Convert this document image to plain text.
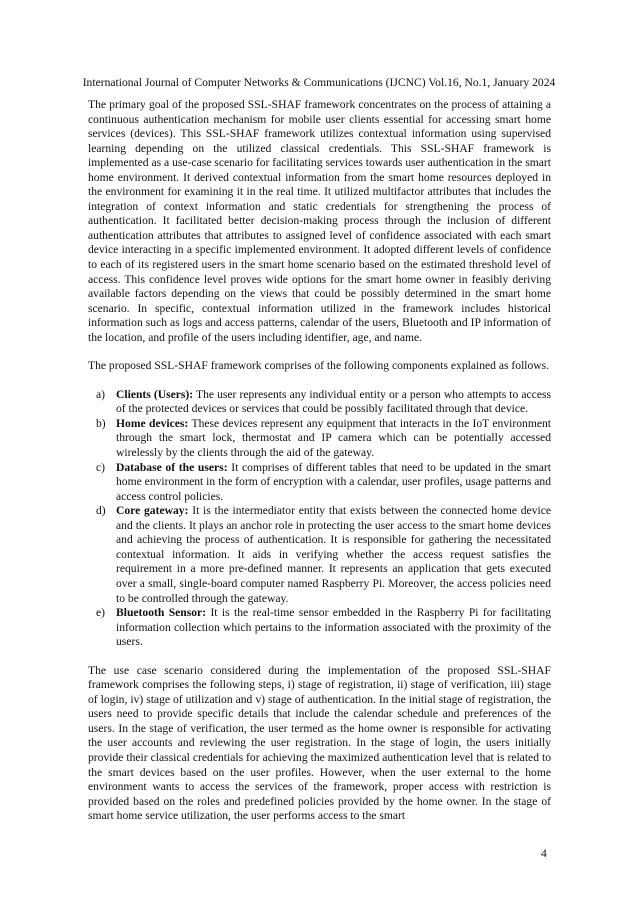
International Journal of Computer Networks & Communications (IJCNC) Vol.16, No.1, January 2024

The primary goal of the proposed SSL-SHAF framework concentrates on the process of attaining a continuous authentication mechanism for mobile user clients essential for accessing smart home services (devices). This SSL-SHAF framework utilizes contextual information using supervised learning depending on the utilized classical credentials. This SSL-SHAF framework is implemented as a use-case scenario for facilitating services towards user authentication in the smart home environment. It derived contextual information from the smart home resources deployed in the environment for examining it in the real time. It utilized multifactor attributes that includes the integration of context information and static credentials for strengthening the process of authentication. It facilitated better decision-making process through the inclusion of different authentication attributes that attributes to assigned level of confidence associated with each smart device interacting in a specific implemented environment. It adopted different levels of confidence to each of its registered users in the smart home scenario based on the estimated threshold level of access. This confidence level proves wide options for the smart home owner in feasibly deriving available factors depending on the views that could be possibly determined in the smart home scenario. In specific, contextual information utilized in the framework includes historical information such as logs and access patterns, calendar of the users, Bluetooth and IP information of the location, and profile of the users including identifier, age, and name.

The proposed SSL-SHAF framework comprises of the following components explained as follows.

a) Clients (Users): The user represents any individual entity or a person who attempts to access of the protected devices or services that could be possibly facilitated through that device.
b) Home devices: These devices represent any equipment that interacts in the IoT environment through the smart lock, thermostat and IP camera which can be potentially accessed wirelessly by the clients through the aid of the gateway.
c) Database of the users: It comprises of different tables that need to be updated in the smart home environment in the form of encryption with a calendar, user profiles, usage patterns and access control policies.
d) Core gateway: It is the intermediator entity that exists between the connected home device and the clients. It plays an anchor role in protecting the user access to the smart home devices and achieving the process of authentication. It is responsible for gathering the necessitated contextual information. It aids in verifying whether the access request satisfies the requirement in a more pre-defined manner. It represents an application that gets executed over a small, single-board computer named Raspberry Pi. Moreover, the access policies need to be controlled through the gateway.
e) Bluetooth Sensor: It is the real-time sensor embedded in the Raspberry Pi for facilitating information collection which pertains to the information associated with the proximity of the users.

The use case scenario considered during the implementation of the proposed SSL-SHAF framework comprises the following steps, i) stage of registration, ii) stage of verification, iii) stage of login, iv) stage of utilization and v) stage of authentication. In the initial stage of registration, the users need to provide specific details that include the calendar schedule and preferences of the users. In the stage of verification, the user termed as the home owner is responsible for activating the user accounts and reviewing the user registration. In the stage of login, the users initially provide their classical credentials for achieving the maximized authentication level that is related to the smart devices based on the user profiles. However, when the user external to the home environment wants to access the services of the framework, proper access with restriction is provided based on the roles and predefined policies provided by the home owner. In the stage of smart home service utilization, the user performs access to the smart

4
